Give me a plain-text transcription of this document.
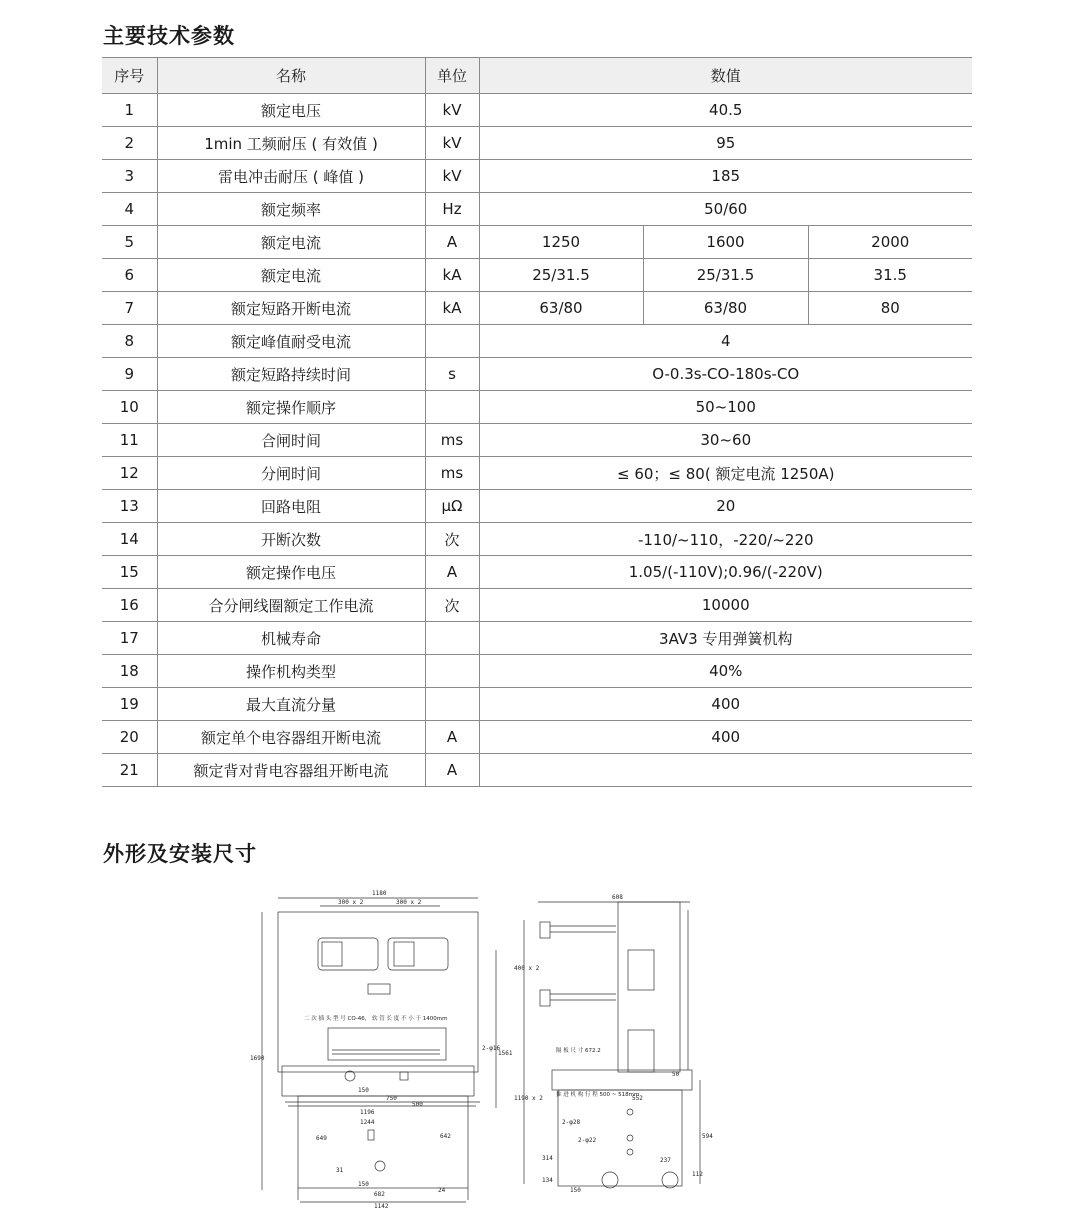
主要技术参数
序号	名称	单位	数值		
1	额定电压	kV	40.5		
2	1min 工频耐压 ( 有效值 )	kV	95		
3	雷电冲击耐压 ( 峰值 )	kV	185		
4	额定频率	Hz	50/60		
5	额定电流	A	1250	1600	2000
6	额定电流	kA	25/31.5	25/31.5	31.5
7	额定短路开断电流	kA	63/80	63/80	80
8	额定峰值耐受电流		4		
9	额定短路持续时间	s	O-0.3s-CO-180s-CO		
10	额定操作顺序		50~100		
11	合闸时间	ms	30~60		
12	分闸时间	ms	≤ 60；≤ 80( 额定电流 1250A)		
13	回路电阻	μΩ	20		
14	开断次数	次	-110/~110，-220/~220		
15	额定操作电压	A	1.05/(-110V);0.96/(-220V)		
16	合分闸线圈额定工作电流	次	10000		
17	机械寿命		3AV3 专用弹簧机构		
18	操作机构类型		40%		
19	最大直流分量		400		
20	额定单个电容器组开断电流	A	400		
21	额定背对背电容器组开断电流	A			
外形及安装尺寸
1180
300 x 2	300 x 2
1690
1561
2-φ16
150
750
500
1196
1244
649	642
31
150
682
24
1142
二 次 插 头 型 号 CO-46， 软 管 长 度 不 小 于 1400mm
608
400 x 2
1190 x 2	552
2-φ28
2-φ22
314
134
150
594
237
112
50
隔 板 尺 寸 672.2
推 进 机 构 行 程 500 ~ 518mm
